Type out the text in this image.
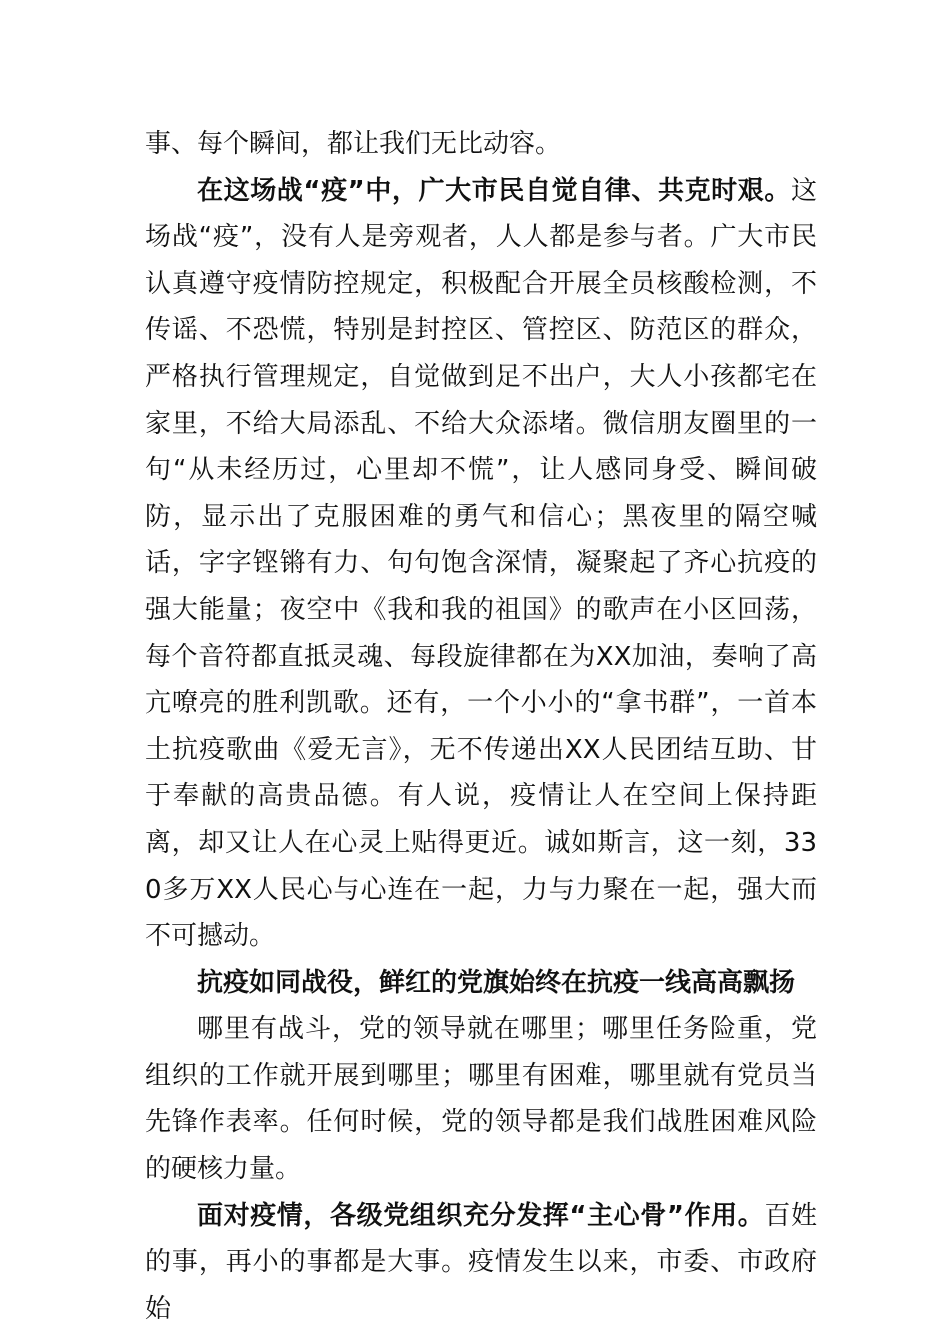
事、每个瞬间，都让我们无比动容。

在这场战“疫”中，广大市民自觉自律、共克时艰。这场战“疫”，没有人是旁观者，人人都是参与者。广大市民认真遵守疫情防控规定，积极配合开展全员核酸检测，不传谣、不恐慌，特别是封控区、管控区、防范区的群众，严格执行管理规定，自觉做到足不出户，大人小孩都宅在家里，不给大局添乱、不给大众添堵。微信朋友圈里的一句“从未经历过，心里却不慌”，让人感同身受、瞬间破防，显示出了克服困难的勇气和信心；黑夜里的隔空喊话，字字铿锵有力、句句饱含深情，凝聚起了齐心抗疫的强大能量；夜空中《我和我的祖国》的歌声在小区回荡，每个音符都直抵灵魂、每段旋律都在为XX加油，奏响了高亢嘹亮的胜利凯歌。还有，一个小小的“拿书群”，一首本土抗疫歌曲《爱无言》，无不传递出XX人民团结互助、甘于奉献的高贵品德。有人说，疫情让人在空间上保持距离，却又让人在心灵上贴得更近。诚如斯言，这一刻，330多万XX人民心与心连在一起，力与力聚在一起，强大而不可撼动。

抗疫如同战役，鲜红的党旗始终在抗疫一线高高飘扬

哪里有战斗，党的领导就在哪里；哪里任务险重，党组织的工作就开展到哪里；哪里有困难，哪里就有党员当先锋作表率。任何时候，党的领导都是我们战胜困难风险的硬核力量。

面对疫情，各级党组织充分发挥“主心骨”作用。百姓的事，再小的事都是大事。疫情发生以来，市委、市政府始
